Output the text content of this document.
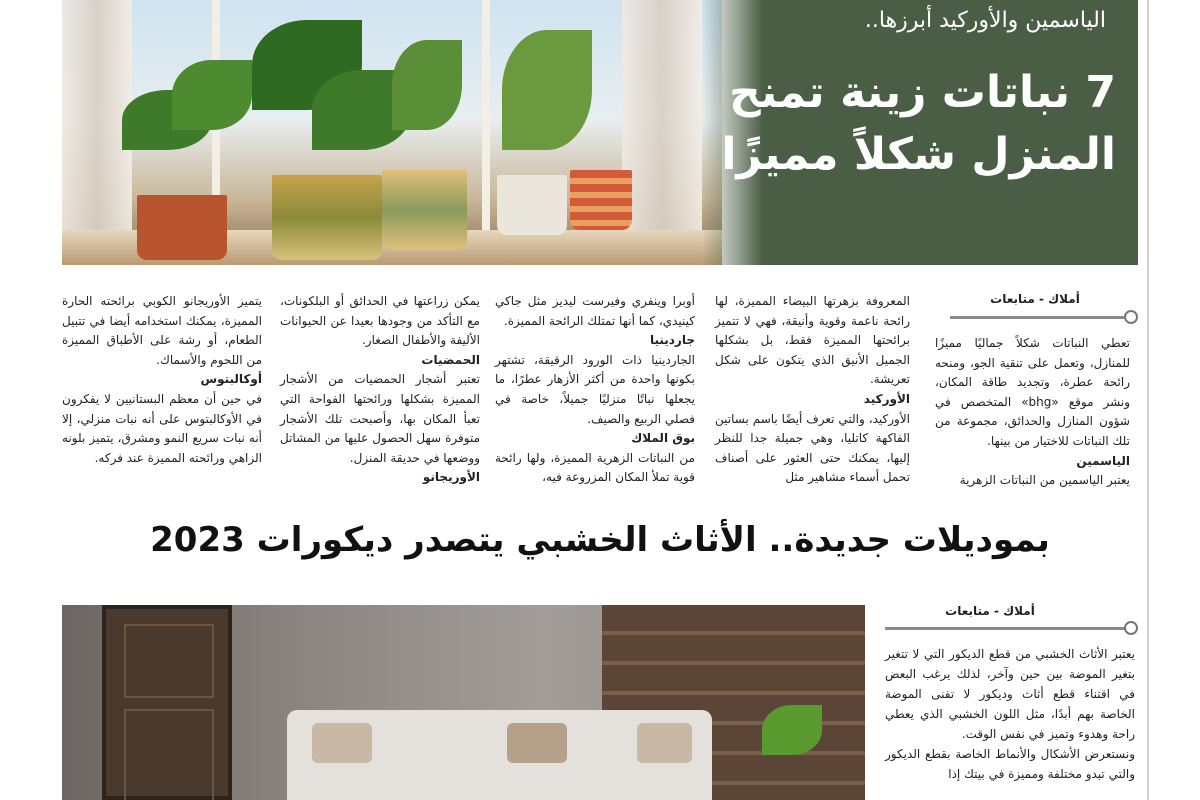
الياسمين والأوركيد أبرزها..
7 نباتات زينة تمنح
المنزل شكلاً مميزًا
أملاك - متابعات

تعطي النباتات شكلاً جماليًا مميزًا للمنازل، وتعمل على تنقية الجو، ومنحه رائحة عطرة، وتجديد طاقة المكان، ونشر موقع «bhg» المتخصص في شؤون المنازل والحدائق، مجموعة من تلك النباتات للاختيار من بينها.

الياسمين

يعتبر الياسمين من النباتات الزهرية

المعروفة بزهرتها البيضاء المميزة، لها رائحة ناعمة وقوية وأنيقة، فهي لا تتميز برائحتها المميزة فقط، بل بشكلها الجميل الأنيق الذي يتكون على شكل تعريشة.

الأوركيد

الأوركيد، والتي تعرف أيضًا باسم بساتين الفاكهة كاتليا، وهي جميلة جدا للنظر إليها، يمكنك حتى العثور على أصناف تحمل أسماء مشاهير مثل

أوبرا وينفري وفيرست ليديز مثل جاكي كينيدي، كما أنها تمتلك الرائحة المميزة.

جاردينيا

الجاردينيا ذات الورود الرقيقة، تشتهر بكونها واحدة من أكثر الأزهار عطرًا، ما يجعلها نباتًا منزليًا جميلاً، خاصة في فصلي الربيع والصيف.

بوق الملاك

من النباتات الزهرية المميزة، ولها رائحة قوية تملأ المكان المزروعة فيه،

يمكن زراعتها في الحدائق أو البلكونات، مع التأكد من وجودها بعيدا عن الحيوانات الأليفة والأطفال الصغار.

الحمضيات

تعتبر أشجار الحمضيات من الأشجار المميزة بشكلها ورائحتها الفواحة التي تعبأ المكان بها، وأصبحت تلك الأشجار متوفرة سهل الحصول عليها من المشاتل ووضعها في حديقة المنزل.

الأوريجانو

يتميز الأوريجانو الكوبي برائحته الحارة المميزة، يمكنك استخدامه أيضا في تتبيل الطعام، أو رشة على الأطباق المميزة من اللحوم والأسماك.

أوكالبتوس

في حين أن معظم البستانيين لا يفكرون في الأوكالبتوس على أنه نبات منزلي، إلا أنه نبات سريع النمو ومشرق، يتميز بلونه الزاهي ورائحته المميزة عند فركه.

بموديلات جديدة.. الأثاث الخشبي يتصدر ديكورات 2023
أملاك - متابعات

يعتبر الأثاث الخشبي من قطع الديكور التي لا تتغير بتغير الموضة بين حين وآخر، لذلك يرغب البعض في اقتناء قطع أثاث وديكور لا تفنى الموضة الخاصة بهم أبدًا، مثل اللون الخشبي الذي يعطي راحة وهدوء وتميز في نفس الوقت.

ونستعرض الأشكال والأنماط الخاصة بقطع الديكور والتي تبدو مختلفة ومميزة في بيتك إذا
